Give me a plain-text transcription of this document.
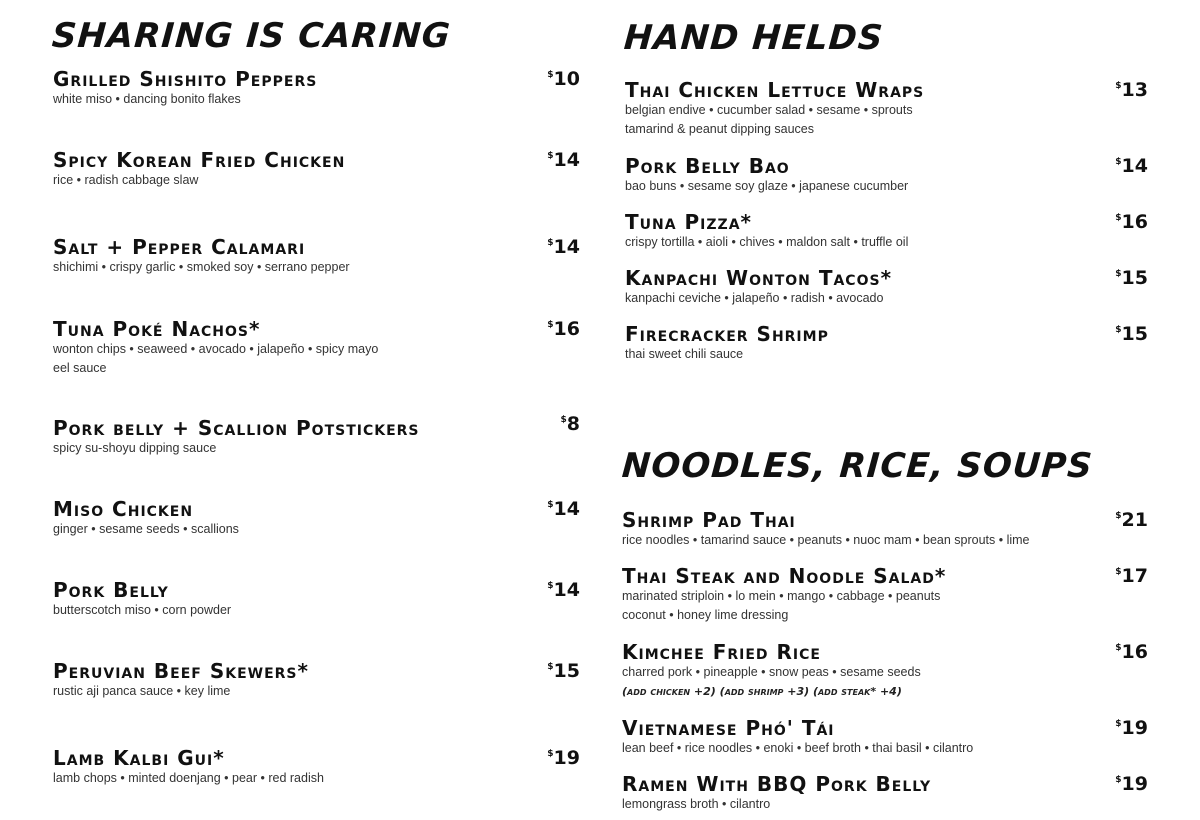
SHARING IS CARING
Grilled Shishito Peppers
white miso • dancing bonito flakes
$10
Spicy Korean Fried Chicken
rice • radish cabbage slaw
$14
Salt + Pepper Calamari
shichimi • crispy garlic • smoked soy • serrano pepper
$14
Tuna Poké Nachos*
wonton chips • seaweed • avocado • jalapeño • spicy mayo
eel sauce
$16
Pork belly + Scallion Potstickers
spicy su-shoyu dipping sauce
$8
Miso Chicken
ginger • sesame seeds • scallions
$14
Pork Belly
butterscotch miso • corn powder
$14
Peruvian Beef Skewers*
rustic aji panca sauce • key lime
$15
Lamb Kalbi Gui*
lamb chops • minted doenjang • pear • red radish
$19
HAND HELDS
Thai Chicken Lettuce Wraps
belgian endive • cucumber salad • sesame • sprouts
tamarind & peanut dipping sauces
$13
Pork Belly Bao
bao buns • sesame soy glaze • japanese cucumber
$14
Tuna Pizza*
crispy tortilla • aioli • chives • maldon salt • truffle oil
$16
Kanpachi Wonton Tacos*
kanpachi ceviche • jalapeño • radish • avocado
$15
Firecracker Shrimp
thai sweet chili sauce
$15
NOODLES, RICE, SOUPS
Shrimp Pad Thai
rice noodles • tamarind sauce • peanuts • nuoc mam • bean sprouts • lime
$21
Thai Steak and Noodle Salad*
marinated striploin • lo mein • mango • cabbage • peanuts
coconut • honey lime dressing
$17
Kimchee Fried Rice
charred pork • pineapple • snow peas • sesame seeds
(add chicken +2) (add shrimp +3) (add steak* +4)
$16
Vietnamese Phó' Tái
lean beef • rice noodles • enoki • beef broth • thai basil • cilantro
$19
Ramen With BBQ Pork Belly
lemongrass broth • cilantro
$19
